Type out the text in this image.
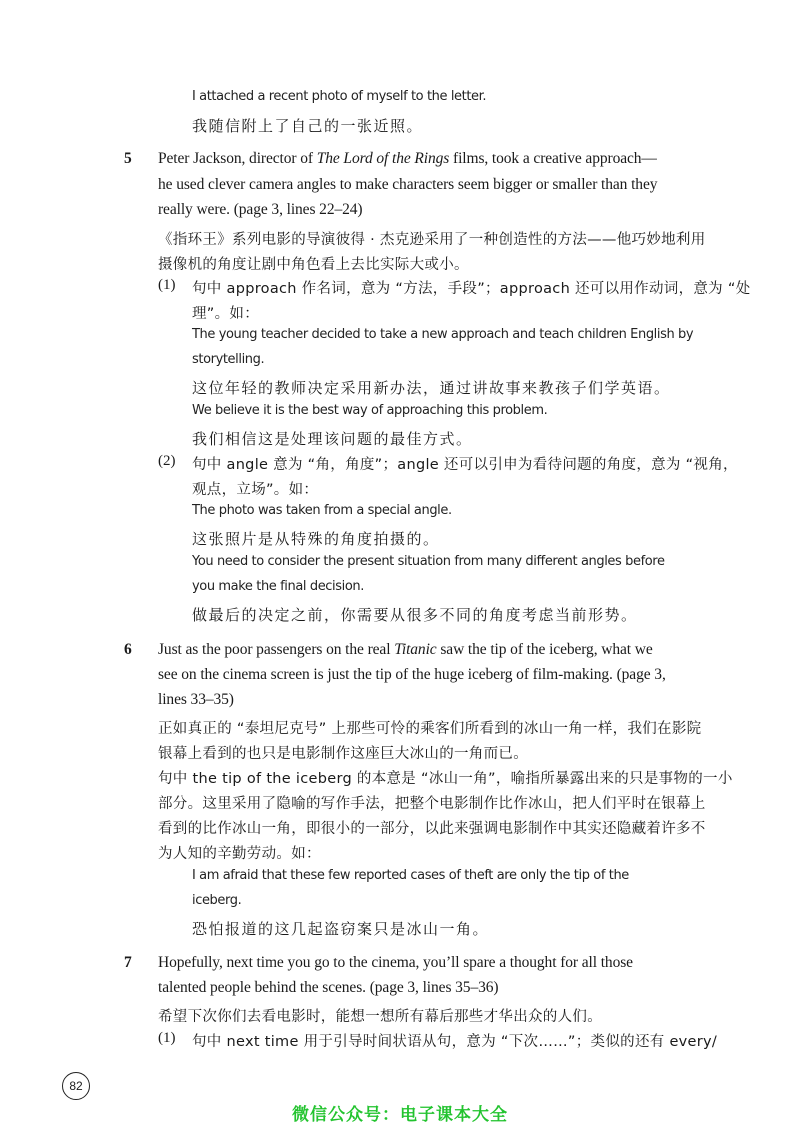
I attached a recent photo of myself to the letter.
我随信附上了自己的一张近照。
5 Peter Jackson, director of The Lord of the Rings films, took a creative approach—
he used clever camera angles to make characters seem bigger or smaller than they
really were. (page 3, lines 22–24)
《指环王》系列电影的导演彼得 · 杰克逊采用了一种创造性的方法——他巧妙地利用
摄像机的角度让剧中角色看上去比实际大或小。
(1) 句中 approach 作名词，意为 “方法，手段”；approach 还可以用作动词，意为 “处
理”。如：
The young teacher decided to take a new approach and teach children English by
storytelling.
这位年轻的教师决定采用新办法，通过讲故事来教孩子们学英语。
We believe it is the best way of approaching this problem.
我们相信这是处理该问题的最佳方式。
(2) 句中 angle 意为 “角，角度”；angle 还可以引申为看待问题的角度，意为 “视角，
观点，立场”。如：
The photo was taken from a special angle.
这张照片是从特殊的角度拍摄的。
You need to consider the present situation from many different angles before
you make the final decision.
做最后的决定之前，你需要从很多不同的角度考虑当前形势。
6 Just as the poor passengers on the real Titanic saw the tip of the iceberg, what we
see on the cinema screen is just the tip of the huge iceberg of film-making. (page 3,
lines 33–35)
正如真正的 “泰坦尼克号” 上那些可怜的乘客们所看到的冰山一角一样，我们在影院
银幕上看到的也只是电影制作这座巨大冰山的一角而已。
句中 the tip of the iceberg 的本意是 “冰山一角”，喻指所暴露出来的只是事物的一小
部分。这里采用了隐喻的写作手法，把整个电影制作比作冰山，把人们平时在银幕上
看到的比作冰山一角，即很小的一部分，以此来强调电影制作中其实还隐藏着许多不
为人知的辛勤劳动。如：
I am afraid that these few reported cases of theft are only the tip of the
iceberg.
恐怕报道的这几起盗窃案只是冰山一角。
7 Hopefully, next time you go to the cinema, you’ll spare a thought for all those
talented people behind the scenes. (page 3, lines 35–36)
希望下次你们去看电影时，能想一想所有幕后那些才华出众的人们。
(1) 句中 next time 用于引导时间状语从句，意为 “下次……”；类似的还有 every/
82
微信公众号：电子课本大全
